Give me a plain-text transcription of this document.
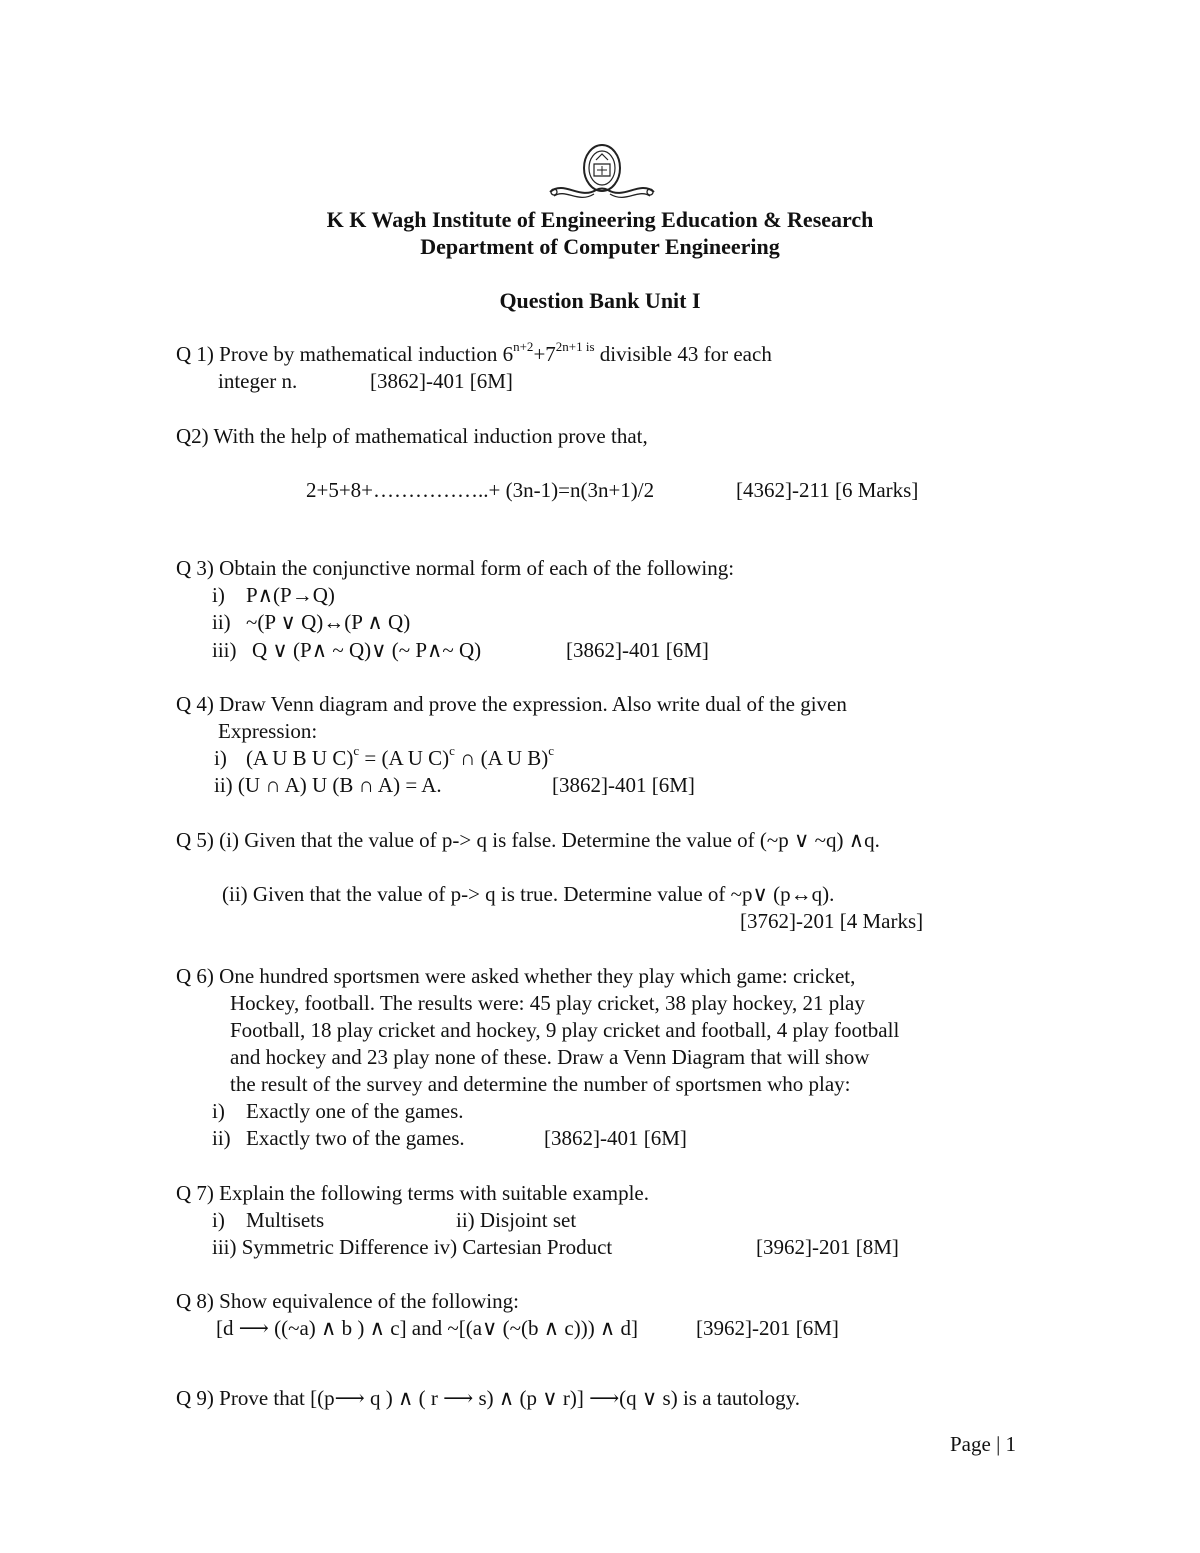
K K Wagh Institute of Engineering Education & Research
Department of Computer Engineering
Question Bank Unit I
Q 1) Prove by mathematical induction $6^{n+2}+7^{2n+1 is}$ divisible 43 for each
integer n.	[3862]-401 [6M]
Q2) With the help of mathematical induction prove that,
2+5+8+……………..+ (3n-1)=n(3n+1)/2	[4362]-211 [6 Marks]
Q 3) Obtain the conjunctive normal form of each of the following:
i) P∧(P→Q)
ii) ~(P ∨ Q)↔(P ∧ Q)
iii) Q ∨ (P∧ ~ Q)∨ (~ P∧~ Q)	[3862]-401 [6M]
Q 4) Draw Venn diagram and prove the expression. Also write dual of the given
Expression:
i) (A U B U C)$^c$ = (A U C)$^c$ ∩ (A U B)$^c$
ii) (U ∩ A) U (B ∩ A) = A.	[3862]-401 [6M]
Q 5) (i) Given that the value of p-> q is false. Determine the value of (~p ∨ ~q) ∧q.
(ii) Given that the value of p-> q is true. Determine value of ~p∨ (p↔q).
[3762]-201 [4 Marks]
Q 6) One hundred sportsmen were asked whether they play which game: cricket,
Hockey, football. The results were: 45 play cricket, 38 play hockey, 21 play
Football, 18 play cricket and hockey, 9 play cricket and football, 4 play football
and hockey and 23 play none of these. Draw a Venn Diagram that will show
the result of the survey and determine the number of sportsmen who play:
i) Exactly one of the games.
ii) Exactly two of the games.	[3862]-401 [6M]
Q 7) Explain the following terms with suitable example.
i) Multisets	ii) Disjoint set
iii) Symmetric Difference iv) Cartesian Product	[3962]-201 [8M]
Q 8) Show equivalence of the following:
[d ⟶ ((~a) ∧ b ) ∧ c] and ~[(a∨ (~(b ∧ c))) ∧ d]	[3962]-201 [6M]
Q 9) Prove that [(p⟶ q ) ∧ ( r ⟶ s) ∧ (p ∨ r)] ⟶(q ∨ s) is a tautology.
Page | 1
